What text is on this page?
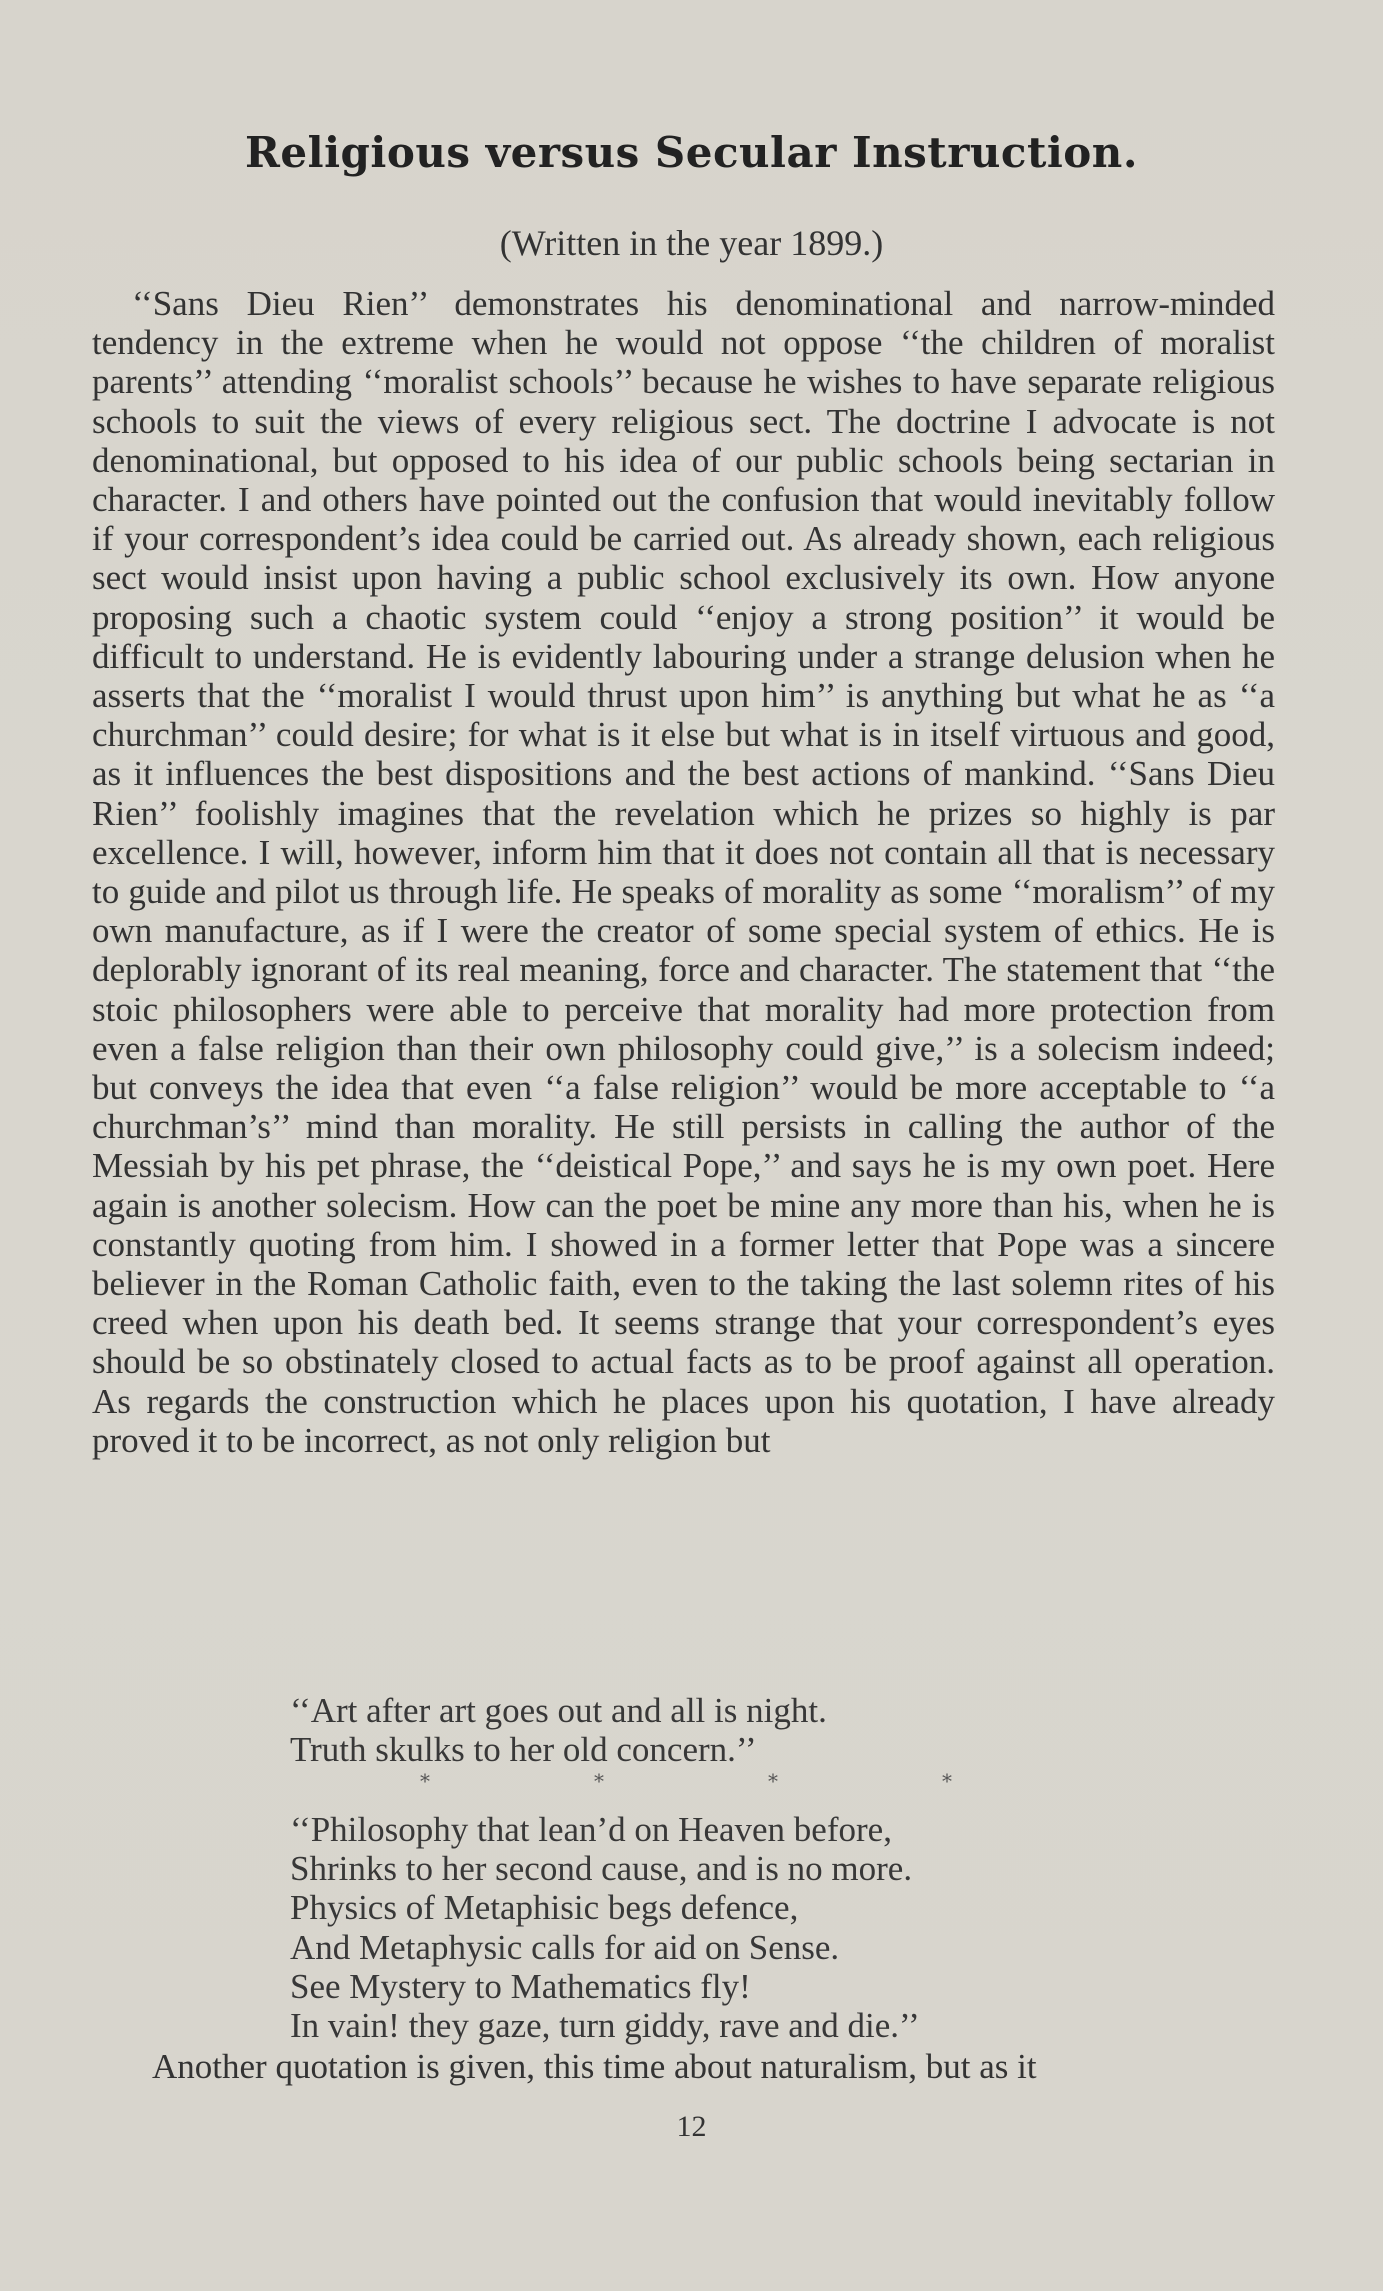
Religious versus Secular Instruction.
(Written in the year 1899.)
‘‘Sans Dieu Rien’’ demonstrates his denominational and narrow-minded tendency in the extreme when he would not oppose ‘‘the children of moralist parents’’ attending ‘‘moralist schools’’ because he wishes to have separate religious schools to suit the views of every religious sect. The doctrine I advocate is not denominational, but opposed to his idea of our public schools being sectarian in character. I and others have pointed out the confusion that would inevitably follow if your correspondent’s idea could be carried out. As already shown, each religious sect would insist upon having a public school exclusively its own. How anyone proposing such a chaotic system could ‘‘enjoy a strong position’’ it would be difficult to understand. He is evidently labouring under a strange delusion when he asserts that the ‘‘moralist I would thrust upon him’’ is anything but what he as ‘‘a churchman’’ could desire; for what is it else but what is in itself virtuous and good, as it influences the best dispositions and the best actions of mankind. ‘‘Sans Dieu Rien’’ foolishly imagines that the revelation which he prizes so highly is par excellence. I will, however, inform him that it does not contain all that is necessary to guide and pilot us through life. He speaks of morality as some ‘‘moralism’’ of my own manufacture, as if I were the creator of some special system of ethics. He is deplorably ignorant of its real meaning, force and character. The statement that ‘‘the stoic philosophers were able to perceive that morality had more protection from even a false religion than their own philosophy could give,’’ is a solecism indeed; but conveys the idea that even ‘‘a false religion’’ would be more acceptable to ‘‘a churchman’s’’ mind than morality. He still persists in calling the author of the Messiah by his pet phrase, the ‘‘deistical Pope,’’ and says he is my own poet. Here again is another solecism. How can the poet be mine any more than his, when he is constantly quoting from him. I showed in a former letter that Pope was a sincere believer in the Roman Catholic faith, even to the taking the last solemn rites of his creed when upon his death bed. It seems strange that your correspondent’s eyes should be so obstinately closed to actual facts as to be proof against all operation. As regards the construction which he places upon his quotation, I have already proved it to be incorrect, as not only religion but
‘‘Art after art goes out and all is night.
Truth skulks to her old concern.’’
*	*	*	*
‘‘Philosophy that lean’d on Heaven before,
Shrinks to her second cause, and is no more.
Physics of Metaphisic begs defence,
And Metaphysic calls for aid on Sense.
See Mystery to Mathematics fly!
In vain! they gaze, turn giddy, rave and die.’’
Another quotation is given, this time about naturalism, but as it
12
